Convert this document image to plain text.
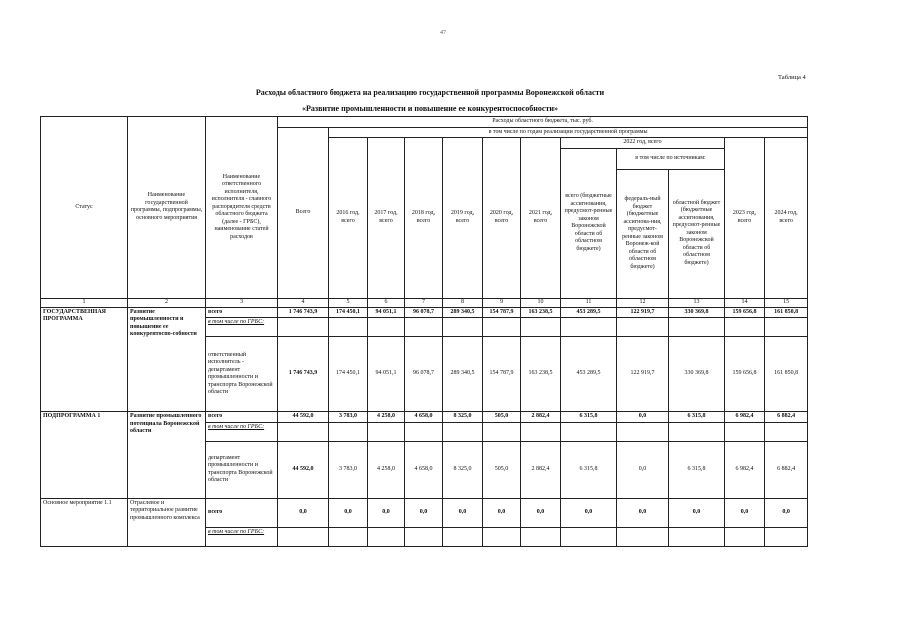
47
Таблица 4
Расходы областного бюджета на реализацию государственной программы Воронежской области
«Развитие промышленности и повышение ее конкурентоспособности»
Статус	Наименование государственной программы, подпрограммы, основного мероприятия	Наименование ответственного исполнителя, исполнителя - главного распорядителя средств областного бюджета (далее - ГРБС), наименование статей расходов	Расходы областного бюджета, тыс. руб.											
			Всего	в том числе по годам реализации государственной программы										
				2016 год, всего	2017 год, всего	2018 год, всего	2019 год, всего	2020 год, всего	2021 год, всего	2022 год, всего			2023 год, всего	2024 год, всего
										всего (бюджетные ассигнования, предусмот-ренные законом Воронежской области об областном бюджете)	в том числе по источникам:			
											федераль-ный бюджет (бюджетные ассигнова-ния, предусмот-ренные законом Воронеж-кой области об областном бюджете)	областной бюджет (бюджетные ассигнования, предусмот-ренные законом Воронежской области об областном бюджете)		
1	2	3	4	5	6	7	8	9	10	11	12	13	14	15
ГОСУДАРСТВЕННАЯ ПРОГРАММА	Развитие промышленности и повышение ее конкурентоспо-собности	всего	1 746 743,9	174 450,1	94 051,1	96 078,7	289 340,5	154 787,9	163 238,5	453 289,5	122 919,7	330 369,8	159 656,8	161 850,8
		в том числе по ГРБС:												
		ответственный исполнитель - департамент промышленности и транспорта Воронежской области	1 746 743,9	174 450,1	94 051,1	96 078,7	289 340,5	154 787,9	163 238,5	453 289,5	122 919,7	330 369,8	159 656,8	161 850,8
ПОДПРОГРАММА 1	Развитие промышленного потенциала Воронежской области	всего	44 592,0	3 783,0	4 258,0	4 658,0	8 325,0	505,0	2 882,4	6 315,8	0,0	6 315,8	6 982,4	6 882,4
		в том числе по ГРБС:												
		департамент промышленности и транспорта Воронежской области	44 592,0	3 783,0	4 258,0	4 658,0	8 325,0	505,0	2 882,4	6 315,8	0,0	6 315,8	6 982,4	6 882,4
Основное мероприятие 1.1	Отраслевое и территориальное развитие промышленного комплекса	всего	0,0	0,0	0,0	0,0	0,0	0,0	0,0	0,0	0,0	0,0	0,0	0,0
		в том числе по ГРБС:												
